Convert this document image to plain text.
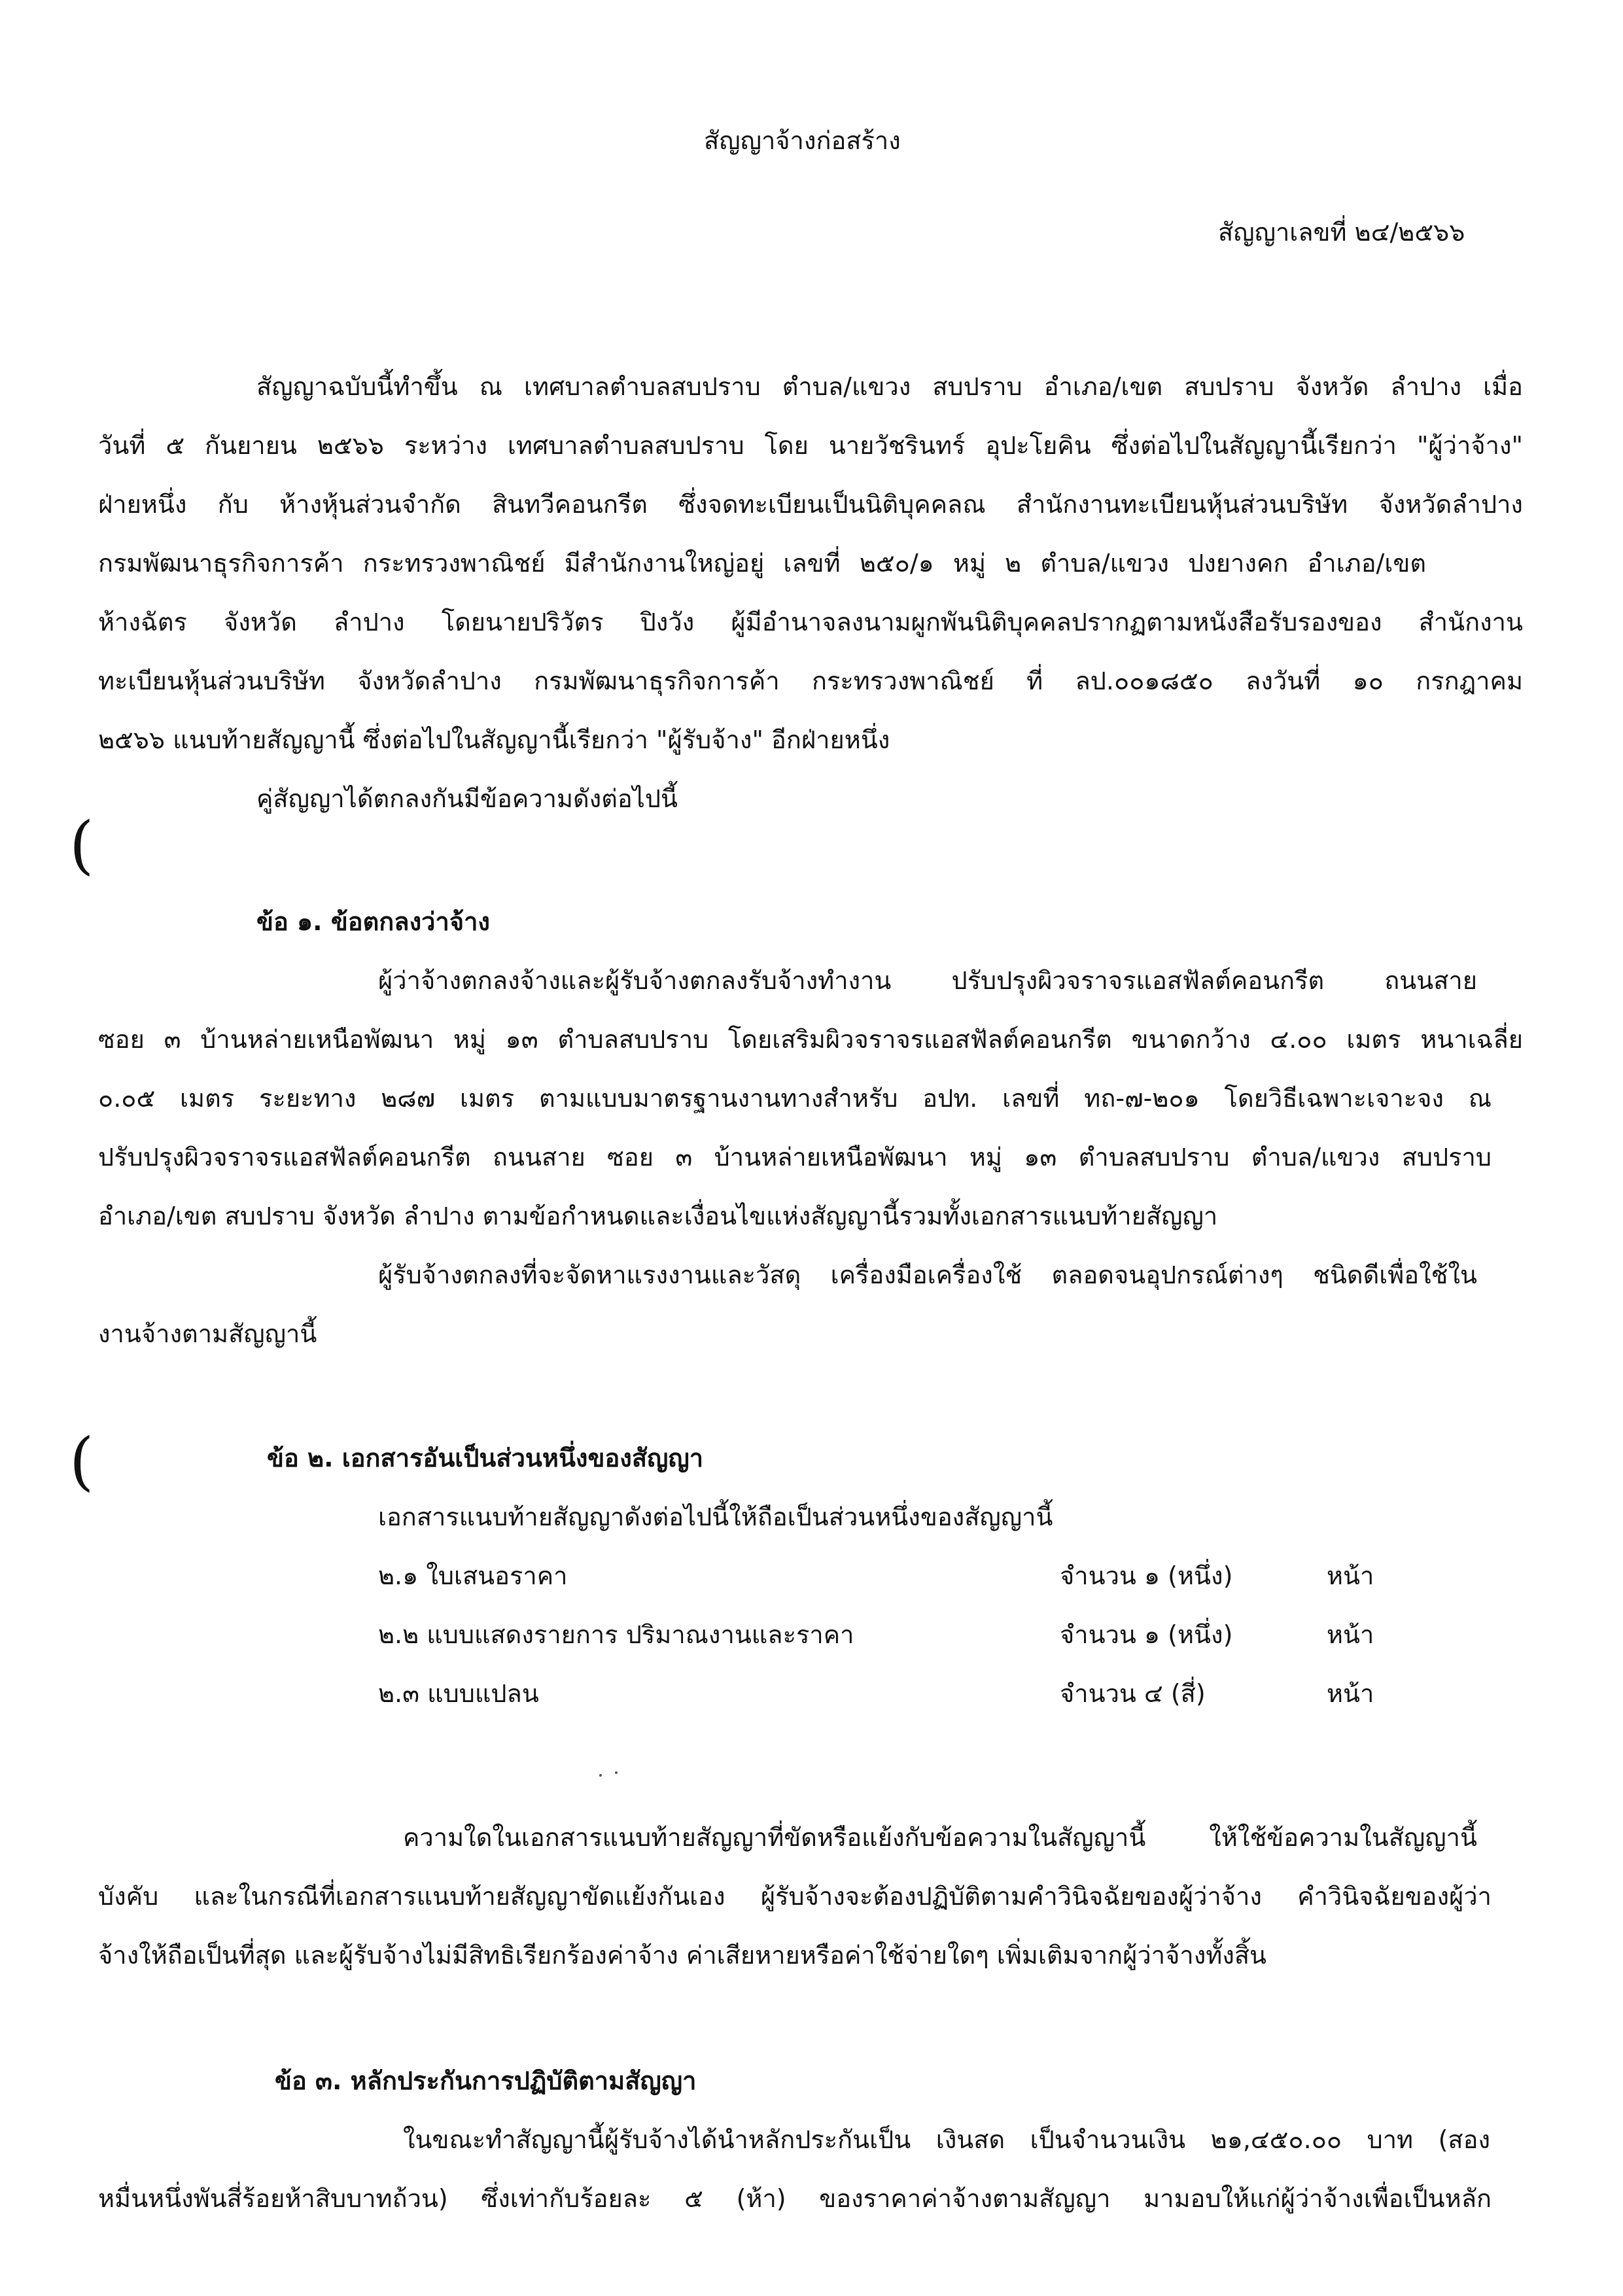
สัญญาจ้างก่อสร้าง
สัญญาเลขที่ ๒๔/๒๕๖๖
สัญญาฉบับนี้ทำขึ้น ณ เทศบาลตำบลสบปราบ ตำบล/แขวง สบปราบ อำเภอ/เขต สบปราบ จังหวัด ลำปาง เมื่อ
วันที่ ๕ กันยายน ๒๕๖๖ ระหว่าง เทศบาลตำบลสบปราบ โดย นายวัชรินทร์ อุปะโยคิน ซึ่งต่อไปในสัญญานี้เรียกว่า "ผู้ว่าจ้าง"
ฝ่ายหนึ่ง กับ ห้างหุ้นส่วนจำกัด สินทวีคอนกรีต ซึ่งจดทะเบียนเป็นนิติบุคคลณ สำนักงานทะเบียนหุ้นส่วนบริษัท จังหวัดลำปาง
กรมพัฒนาธุรกิจการค้า กระทรวงพาณิชย์ มีสำนักงานใหญ่อยู่ เลขที่ ๒๕๐/๑ หมู่ ๒ ตำบล/แขวง ปงยางคก อำเภอ/เขต
ห้างฉัตร จังหวัด ลำปาง โดยนายปริวัตร ปิงวัง ผู้มีอำนาจลงนามผูกพันนิติบุคคลปรากฏตามหนังสือรับรองของ สำนักงาน
ทะเบียนหุ้นส่วนบริษัท จังหวัดลำปาง กรมพัฒนาธุรกิจการค้า กระทรวงพาณิชย์ ที่ ลป.๐๐๑๘๕๐ ลงวันที่ ๑๐ กรกฎาคม
๒๕๖๖ แนบท้ายสัญญานี้ ซึ่งต่อไปในสัญญานี้เรียกว่า "ผู้รับจ้าง" อีกฝ่ายหนึ่ง
คู่สัญญาได้ตกลงกันมีข้อความดังต่อไปนี้
(
ข้อ ๑. ข้อตกลงว่าจ้าง
ผู้ว่าจ้างตกลงจ้างและผู้รับจ้างตกลงรับจ้างทำงาน ปรับปรุงผิวจราจรแอสฟัลต์คอนกรีต ถนนสาย
ซอย ๓ บ้านหล่ายเหนือพัฒนา หมู่ ๑๓ ตำบลสบปราบ โดยเสริมผิวจราจรแอสฟัลต์คอนกรีต ขนาดกว้าง ๔.๐๐ เมตร หนาเฉลี่ย
๐.๐๕ เมตร ระยะทาง ๒๘๗ เมตร ตามแบบมาตรฐานงานทางสำหรับ อปท. เลขที่ ทถ-๗-๒๐๑ โดยวิธีเฉพาะเจาะจง ณ
ปรับปรุงผิวจราจรแอสฟัลต์คอนกรีต ถนนสาย ซอย ๓ บ้านหล่ายเหนือพัฒนา หมู่ ๑๓ ตำบลสบปราบ ตำบล/แขวง สบปราบ
อำเภอ/เขต สบปราบ จังหวัด ลำปาง ตามข้อกำหนดและเงื่อนไขแห่งสัญญานี้รวมทั้งเอกสารแนบท้ายสัญญา
ผู้รับจ้างตกลงที่จะจัดหาแรงงานและวัสดุ เครื่องมือเครื่องใช้ ตลอดจนอุปกรณ์ต่างๆ ชนิดดีเพื่อใช้ใน
งานจ้างตามสัญญานี้
(	ข้อ ๒. เอกสารอันเป็นส่วนหนึ่งของสัญญา
เอกสารแนบท้ายสัญญาดังต่อไปนี้ให้ถือเป็นส่วนหนึ่งของสัญญานี้
๒.๑ ใบเสนอราคา	จำนวน ๑ (หนึ่ง)	หน้า
๒.๒ แบบแสดงรายการ ปริมาณงานและราคา	จำนวน ๑ (หนึ่ง)	หน้า
๒.๓ แบบแปลน	จำนวน ๔ (สี่)	หน้า
ความใดในเอกสารแนบท้ายสัญญาที่ขัดหรือแย้งกับข้อความในสัญญานี้ ให้ใช้ข้อความในสัญญานี้
บังคับ และในกรณีที่เอกสารแนบท้ายสัญญาขัดแย้งกันเอง ผู้รับจ้างจะต้องปฏิบัติตามคำวินิจฉัยของผู้ว่าจ้าง คำวินิจฉัยของผู้ว่า
จ้างให้ถือเป็นที่สุด และผู้รับจ้างไม่มีสิทธิเรียกร้องค่าจ้าง ค่าเสียหายหรือค่าใช้จ่ายใดๆ เพิ่มเติมจากผู้ว่าจ้างทั้งสิ้น
ข้อ ๓. หลักประกันการปฏิบัติตามสัญญา
ในขณะทำสัญญานี้ผู้รับจ้างได้นำหลักประกันเป็น เงินสด เป็นจำนวนเงิน ๒๑,๔๕๐.๐๐ บาท (สอง
หมื่นหนึ่งพันสี่ร้อยห้าสิบบาทถ้วน) ซึ่งเท่ากับร้อยละ ๕ (ห้า) ของราคาค่าจ้างตามสัญญา มามอบให้แก่ผู้ว่าจ้างเพื่อเป็นหลัก
